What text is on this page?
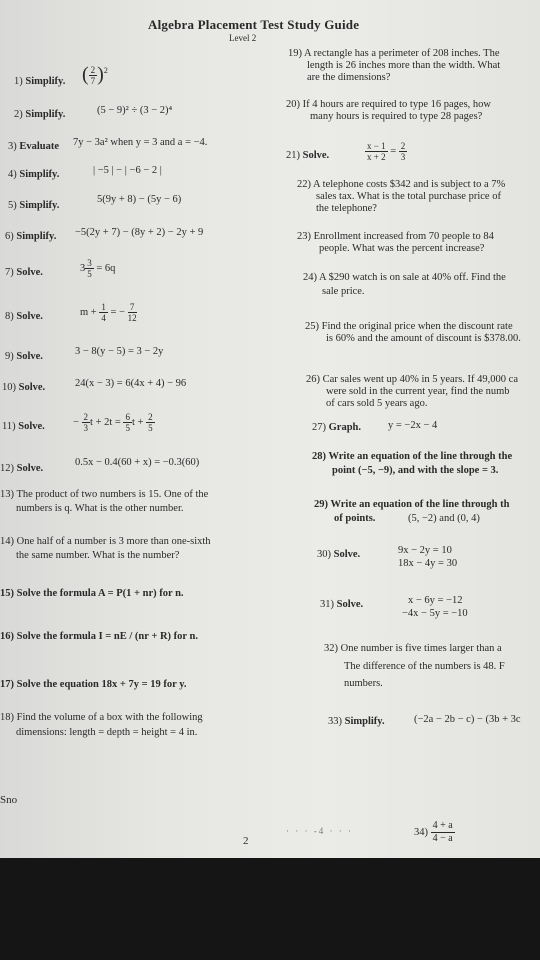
Algebra Placement Test Study Guide
Level 2
1) Simplify. ( $\frac{2}{7} )^2$
2) Simplify.	(5 − 9)² ÷ (3 − 2)⁴
3) Evaluate 7y − 3a² when y = 3 and a = −4.
4) Simplify.	| −5 | − | −6 − 2 |
5) Simplify.
5(9y + 8) − (5y − 6)
6) Simplify. −5(2y + 7) − (8y + 2) − 2y + 9
7) Solve.	$3 \frac{3}{5} = 6q$
8) Solve.	$m + \frac{1}{4}$ = − $\frac{7}{12}$
9) Solve.	3 − 8(y − 5) = 3 − 2y
10) Solve.	24(x − 3) = 6(4x + 4) − 96
11) Solve.	− $\frac{2}{3}$ $t + 2t = \frac{6}{5}$ $t + \frac{2}{5}$
12) Solve.
0.5x − 0.4(60 + x) = −0.3(60)
13) The product of two numbers is 15. One of the
numbers is q. What is the other number.
14) One half of a number is 3 more than one-sixth
the same number. What is the number?
15) Solve the formula A = P(1 + nr) for n.
16) Solve the formula I = nE / (nr + R) for n.
17) Solve the equation 18x + 7y = 19 for y.
18) Find the volume of a box with the following
dimensions: length = depth = height = 4 in.
19) A rectangle has a perimeter of 208 inches. The
length is 26 inches more than the width. What
are the dimensions?
20) If 4 hours are required to type 16 pages, how
many hours is required to type 28 pages?
21) Solve.	$\frac{x - 1}{x + 2} = \frac{2}{3}$
22) A telephone costs $342 and is subject to a 7%
sales tax. What is the total purchase price of
the telephone?
23) Enrollment increased from 70 people to 84
people. What was the percent increase?
24) A $290 watch is on sale at 40% off. Find the
sale price.
25) Find the original price when the discount rate
is 60% and the amount of discount is $378.00.
26) Car sales went up 40% in 5 years. If 49,000 ca
were sold in the current year, find the numb
of cars sold 5 years ago.
27) Graph.	y = −2x − 4
28) Write an equation of the line through the
point (−5, −9), and with the slope = 3.
29) Write an equation of the line through th
of points.	(5, −2) and (0, 4)
30) Solve.	9x − 2y = 10
18x − 4y = 30
31) Solve.	x − 6y = −12
−4x − 5y = −10
32) One number is five times larger than a
The difference of the numbers is 48. F
numbers.
33) Simplify.	(−2a − 2b − c) − (3b + 3c
Sno
2
· · · -4 · · ·	$34) \frac{4 + a}{4 - a}$
